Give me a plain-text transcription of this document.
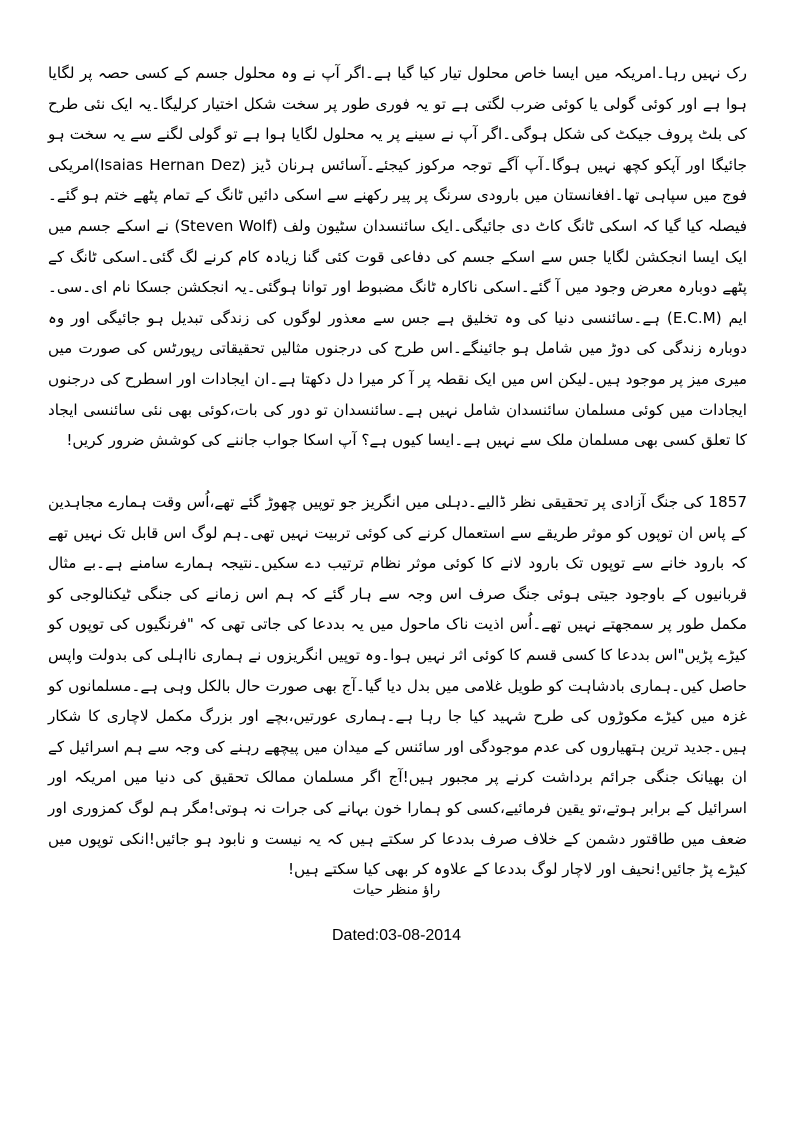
رک نہیں رہا۔امریکہ میں ایسا خاص محلول تیار کیا گیا ہے۔اگر آپ نے وہ محلول جسم کے کسی حصہ پر لگایا ہوا ہے اور کوئی گولی یا کوئی ضرب لگتی ہے تو یہ فوری طور پر سخت شکل اختیار کرلیگا۔یہ ایک نئی طرح کی بلٹ پروف جیکٹ کی شکل ہوگی۔اگر آپ نے سینے پر یہ محلول لگایا ہوا ہے تو گولی لگنے سے یہ سخت ہو جائیگا اور آپکو کچھ نہیں ہوگا۔آپ آگے توجہ مرکوز کیجئے۔آسائس ہرنان ڈیز (Isaias Hernan Dez)امریکی فوج میں سپاہی تھا۔افغانستان میں بارودی سرنگ پر پیر رکھنے سے اسکی دائیں ٹانگ کے تمام پٹھے ختم ہو گئے۔فیصلہ کیا گیا کہ اسکی ٹانگ کاٹ دی جائیگی۔ایک سائنسدان سٹیون ولف (Steven Wolf) نے اسکے جسم میں ایک ایسا انجکشن لگایا جس سے اسکے جسم کی دفاعی قوت کئی گنا زیادہ کام کرنے لگ گئی۔اسکی ٹانگ کے پٹھے دوبارہ معرض وجود میں آ گئے۔اسکی ناکارہ ٹانگ مضبوط اور توانا ہوگئی۔یہ انجکشن جسکا نام ای۔سی۔ایم (E.C.M) ہے۔سائنسی دنیا کی وہ تخلیق ہے جس سے معذور لوگوں کی زندگی تبدیل ہو جائیگی اور وہ دوبارہ زندگی کی دوڑ میں شامل ہو جائینگے۔اس طرح کی درجنوں مثالیں تحقیقاتی رپورٹس کی صورت میں میری میز پر موجود ہیں۔لیکن اس میں ایک نقطہ پر آ کر میرا دل دکھتا ہے۔ان ایجادات اور اسطرح کی درجنوں ایجادات میں کوئی مسلمان سائنسدان شامل نہیں ہے۔سائنسدان تو دور کی بات،کوئی بھی نئی سائنسی ایجاد کا تعلق کسی بھی مسلمان ملک سے نہیں ہے۔ایسا کیوں ہے؟ آپ اسکا جواب جاننے کی کوشش ضرور کریں!
1857 کی جنگ آزادی پر تحقیقی نظر ڈالیے۔دہلی میں انگریز جو توپیں چھوڑ گئے تھے،اُس وقت ہمارے مجاہدین کے پاس ان توپوں کو موثر طریقے سے استعمال کرنے کی کوئی تربیت نہیں تھی۔ہم لوگ اس قابل تک نہیں تھے کہ بارود خانے سے توپوں تک بارود لانے کا کوئی موثر نظام ترتیب دے سکیں۔نتیجہ ہمارے سامنے ہے۔بے مثال قربانیوں کے باوجود جیتی ہوئی جنگ صرف اس وجہ سے ہار گئے کہ ہم اس زمانے کی جنگی ٹیکنالوجی کو مکمل طور پر سمجھتے نہیں تھے۔اُس اذیت ناک ماحول میں یہ بددعا کی جاتی تھی کہ "فرنگیوں کی توپوں کو کیڑے پڑیں"اس بددعا کا کسی قسم کا کوئی اثر نہیں ہوا۔وہ توپیں انگریزوں نے ہماری نااہلی کی بدولت واپس حاصل کیں۔ہماری بادشاہت کو طویل غلامی میں بدل دیا گیا۔آج بھی صورت حال بالکل وہی ہے۔مسلمانوں کو غزہ میں کیڑے مکوڑوں کی طرح شہید کیا جا رہا ہے۔ہماری عورتیں،بچے اور بزرگ مکمل لاچاری کا شکار ہیں۔جدید ترین ہتھیاروں کی عدم موجودگی اور سائنس کے میدان میں پیچھے رہنے کی وجہ سے ہم اسرائیل کے ان بھیانک جنگی جرائم برداشت کرنے پر مجبور ہیں!آج اگر مسلمان ممالک تحقیق کی دنیا میں امریکہ اور اسرائیل کے برابر ہوتے،تو یقین فرمائیے،کسی کو ہمارا خون بہانے کی جرات نہ ہوتی!مگر ہم لوگ کمزوری اور ضعف میں طاقتور دشمن کے خلاف صرف بددعا کر سکتے ہیں کہ یہ نیست و نابود ہو جائیں!انکی توپوں میں کیڑے پڑ جائیں!نحیف اور لاچار لوگ بددعا کے علاوہ کر بھی کیا سکتے ہیں!
راؤ منظر حیات
Dated:03-08-2014
